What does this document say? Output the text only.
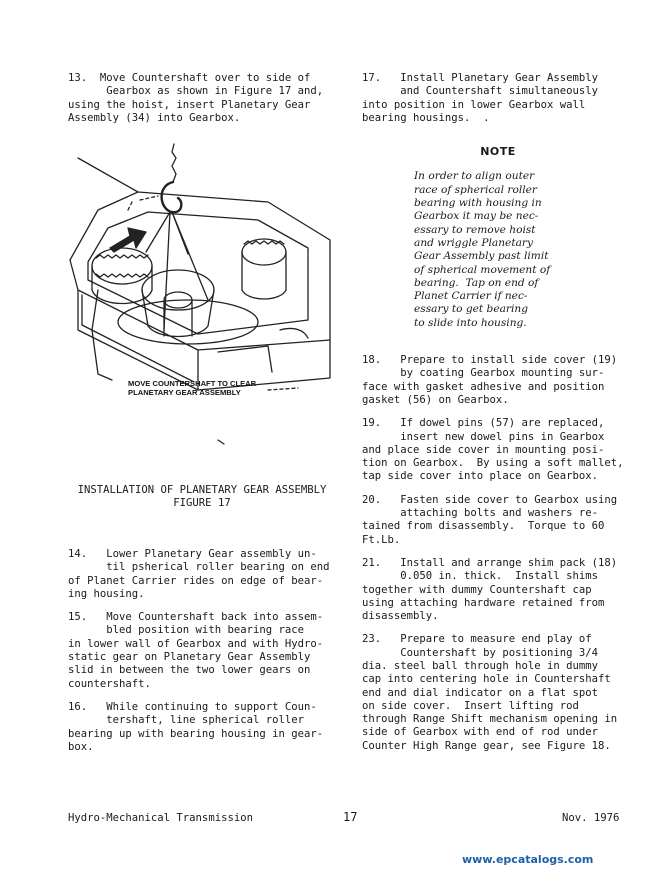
13.  Move Countershaft over to side of
Gearbox as shown in Figure 17 and,
using the hoist, insert Planetary Gear
Assembly (34) into Gearbox.

MOVE COUNTERSHAFT TO CLEAR
PLANETARY GEAR ASSEMBLY
INSTALLATION OF PLANETARY GEAR ASSEMBLY
FIGURE 17

14.   Lower Planetary Gear assembly un-
til psherical roller bearing on end
of Planet Carrier rides on edge of bear-
ing housing.

15.   Move Countershaft back into assem-
bled position with bearing race
in lower wall of Gearbox and with Hydro-
static gear on Planetary Gear Assembly
slid in between the two lower gears on
countershaft.

16.   While continuing to support Coun-
tershaft, line spherical roller
bearing up with bearing housing in gear-
box.

17.   Install Planetary Gear Assembly
and Countershaft simultaneously
into position in lower Gearbox wall
bearing housings.  .

NOTE
In order to align outer
race of spherical roller
bearing with housing in
Gearbox it may be nec-
essary to remove hoist
and wriggle Planetary
Gear Assembly past limit
of spherical movement of
bearing.  Tap on end of
Planet Carrier if nec-
essary to get bearing
to slide into housing.

18.   Prepare to install side cover (19)
by coating Gearbox mounting sur-
face with gasket adhesive and position
gasket (56) on Gearbox.

19.   If dowel pins (57) are replaced,
insert new dowel pins in Gearbox
and place side cover in mounting posi-
tion on Gearbox.  By using a soft mallet,
tap side cover into place on Gearbox.

20.   Fasten side cover to Gearbox using
attaching bolts and washers re-
tained from disassembly.  Torque to 60
Ft.Lb.

21.   Install and arrange shim pack (18)
0.050 in. thick.  Install shims
together with dummy Countershaft cap
using attaching hardware retained from
disassembly.

23.   Prepare to measure end play of
Countershaft by positioning 3/4
dia. steel ball through hole in dummy
cap into centering hole in Countershaft
end and dial indicator on a flat spot
on side cover.  Insert lifting rod
through Range Shift mechanism opening in
side of Gearbox with end of rod under
Counter High Range gear, see Figure 18.

Hydro-Mechanical Transmission	17	Nov. 1976
www.epcatalogs.com
